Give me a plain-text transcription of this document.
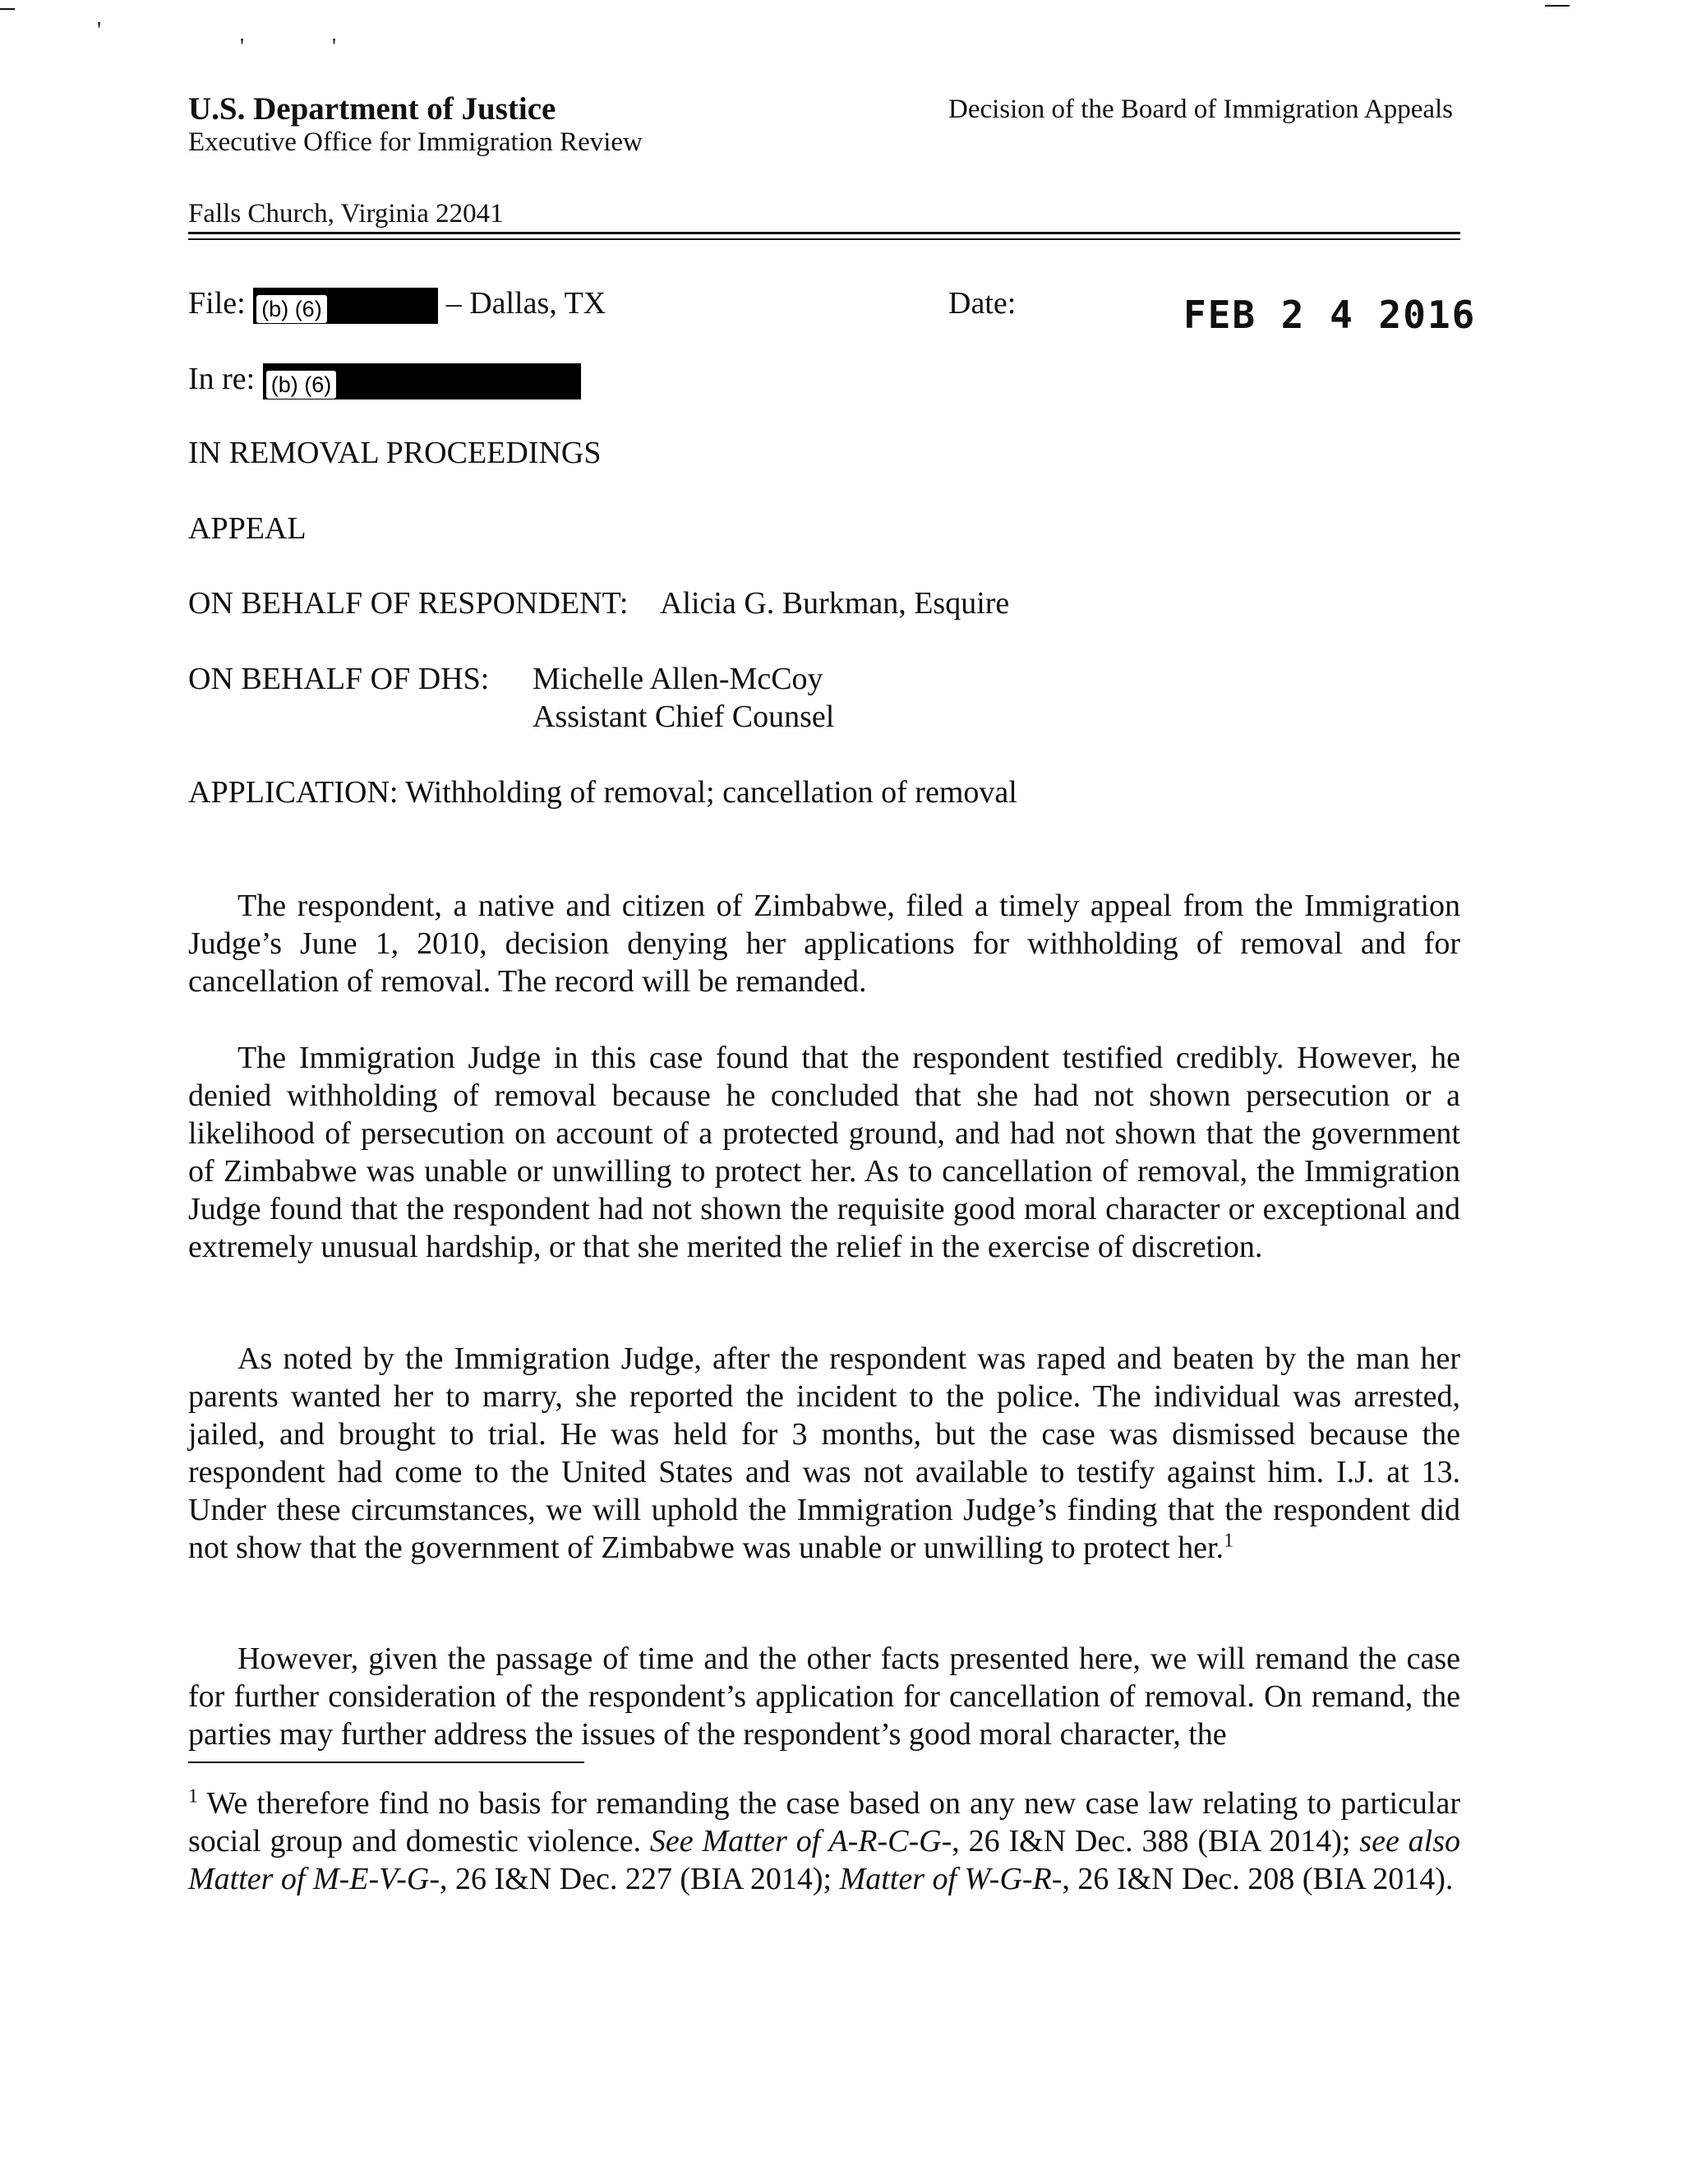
'
'	'
U.S. Department of Justice
Executive Office for Immigration Review
Decision of the Board of Immigration Appeals
Falls Church, Virginia 22041
File: (b) (6)	– Dallas, TX	Date:	FEB 2 4 2016
In re: (b) (6)
IN REMOVAL PROCEEDINGS
APPEAL
ON BEHALF OF RESPONDENT: Alicia G. Burkman, Esquire
ON BEHALF OF DHS: Michelle Allen-McCoy
Assistant Chief Counsel
APPLICATION: Withholding of removal; cancellation of removal
The respondent, a native and citizen of Zimbabwe, filed a timely appeal from the Immigration Judge’s June 1, 2010, decision denying her applications for withholding of removal and for cancellation of removal. The record will be remanded.
The Immigration Judge in this case found that the respondent testified credibly. However, he denied withholding of removal because he concluded that she had not shown persecution or a likelihood of persecution on account of a protected ground, and had not shown that the government of Zimbabwe was unable or unwilling to protect her. As to cancellation of removal, the Immigration Judge found that the respondent had not shown the requisite good moral character or exceptional and extremely unusual hardship, or that she merited the relief in the exercise of discretion.
As noted by the Immigration Judge, after the respondent was raped and beaten by the man her parents wanted her to marry, she reported the incident to the police. The individual was arrested, jailed, and brought to trial. He was held for 3 months, but the case was dismissed because the respondent had come to the United States and was not available to testify against him. I.J. at 13. Under these circumstances, we will uphold the Immigration Judge’s finding that the respondent did not show that the government of Zimbabwe was unable or unwilling to protect her.$^1$
However, given the passage of time and the other facts presented here, we will remand the case for further consideration of the respondent’s application for cancellation of removal. On remand, the parties may further address the issues of the respondent’s good moral character, the
$^1$ We therefore find no basis for remanding the case based on any new case law relating to particular social group and domestic violence. See Matter of A-R-C-G-, 26 I&N Dec. 388 (BIA 2014); see also Matter of M-E-V-G-, 26 I&N Dec. 227 (BIA 2014); Matter of W-G-R-, 26 I&N Dec. 208 (BIA 2014).
